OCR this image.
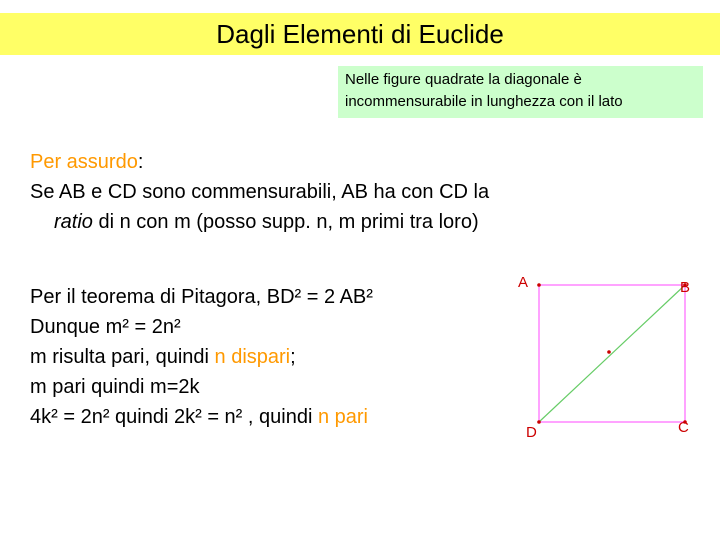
Dagli Elementi di Euclide
Nelle figure quadrate la diagonale è
incommensurabile in lunghezza con il lato
Per assurdo:
Se AB e CD sono commensurabili, AB ha con CD la
ratio di n con m (posso supp. n, m primi tra loro)
Per il teorema di Pitagora, BD² = 2 AB²
Dunque m² = 2n²
m risulta pari, quindi n dispari;
m pari quindi m=2k
4k² = 2n² quindi 2k² = n² , quindi n pari
A	B
C
D
